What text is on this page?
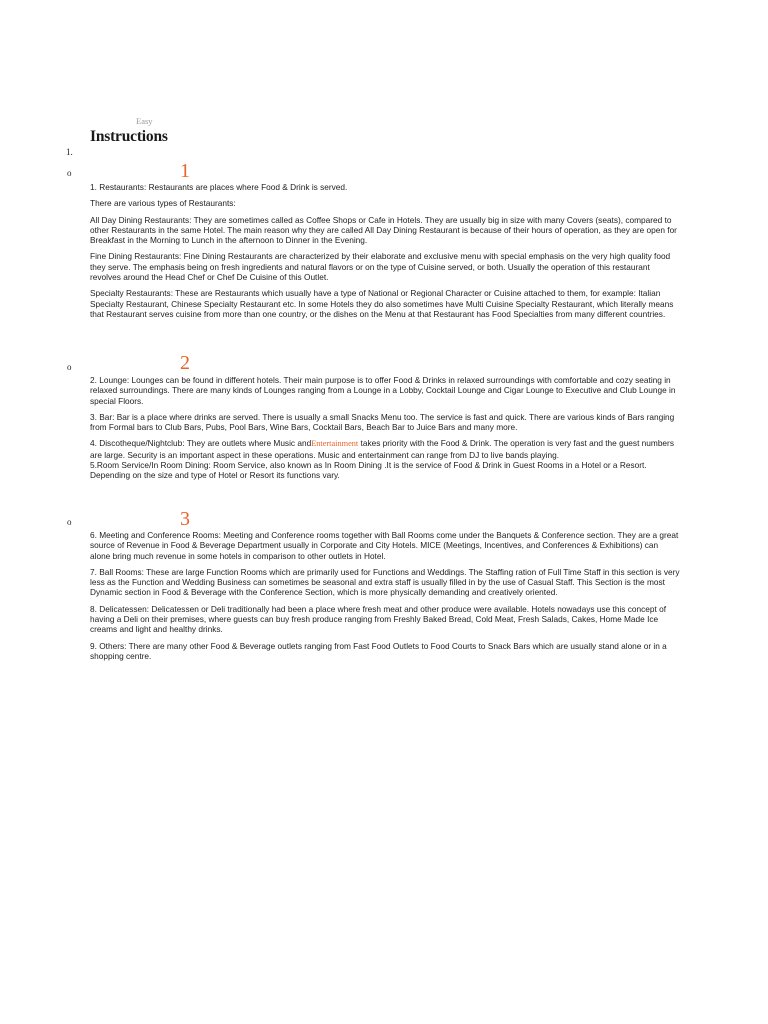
Easy
Instructions
1.
o	1

1. Restaurants: Restaurants are places where Food & Drink is served.

There are various types of Restaurants:

All Day Dining Restaurants: They are sometimes called as Coffee Shops or Cafe in Hotels. They are usually big in size with many Covers (seats), compared to other Restaurants in the same Hotel. The main reason why they are called All Day Dining Restaurant is because of their hours of operation, as they are open for Breakfast in the Morning to Lunch in the afternoon to Dinner in the Evening.

Fine Dining Restaurants: Fine Dining Restaurants are characterized by their elaborate and exclusive menu with special emphasis on the very high quality food they serve. The emphasis being on fresh ingredients and natural flavors or on the type of Cuisine served, or both. Usually the operation of this restaurant revolves around the Head Chef or Chef De Cuisine of this Outlet.

Specialty Restaurants: These are Restaurants which usually have a type of National or Regional Character or Cuisine attached to them, for example: Italian Specialty Restaurant, Chinese Specialty Restaurant etc. In some Hotels they do also sometimes have Multi Cuisine Specialty Restaurant, which literally means that Restaurant serves cuisine from more than one country, or the dishes on the Menu at that Restaurant has Food Specialties from many different countries.

o	2

2. Lounge: Lounges can be found in different hotels. Their main purpose is to offer Food & Drinks in relaxed surroundings with comfortable and cozy seating in relaxed surroundings. There are many kinds of Lounges ranging from a Lounge in a Lobby, Cocktail Lounge and Cigar Lounge to Executive and Club Lounge in special Floors.

3. Bar: Bar is a place where drinks are served. There is usually a small Snacks Menu too. The service is fast and quick. There are various kinds of Bars ranging from Formal bars to Club Bars, Pubs, Pool Bars, Wine Bars, Cocktail Bars, Beach Bar to Juice Bars and many more.

4. Discotheque/Nightclub: They are outlets where Music andEntertainment takes priority with the Food & Drink. The operation is very fast and the guest numbers are large. Security is an important aspect in these operations. Music and entertainment can range from DJ to live bands playing.

5.Room Service/In Room Dining: Room Service, also known as In Room Dining .It is the service of Food & Drink in Guest Rooms in a Hotel or a Resort. Depending on the size and type of Hotel or Resort its functions vary.

o	3

6. Meeting and Conference Rooms: Meeting and Conference rooms together with Ball Rooms come under the Banquets & Conference section. They are a great source of Revenue in Food & Beverage Department usually in Corporate and City Hotels. MICE (Meetings, Incentives, and Conferences & Exhibitions) can alone bring much revenue in some hotels in comparison to other outlets in Hotel.

7. Ball Rooms: These are large Function Rooms which are primarily used for Functions and Weddings. The Staffing ration of Full Time Staff in this section is very less as the Function and Wedding Business can sometimes be seasonal and extra staff is usually filled in by the use of Casual Staff. This Section is the most Dynamic section in Food & Beverage with the Conference Section, which is more physically demanding and creatively oriented.

8. Delicatessen: Delicatessen or Deli traditionally had been a place where fresh meat and other produce were available. Hotels nowadays use this concept of having a Deli on their premises, where guests can buy fresh produce ranging from Freshly Baked Bread, Cold Meat, Fresh Salads, Cakes, Home Made Ice creams and light and healthy drinks.

9. Others: There are many other Food & Beverage outlets ranging from Fast Food Outlets to Food Courts to Snack Bars which are usually stand alone or in a shopping centre.
